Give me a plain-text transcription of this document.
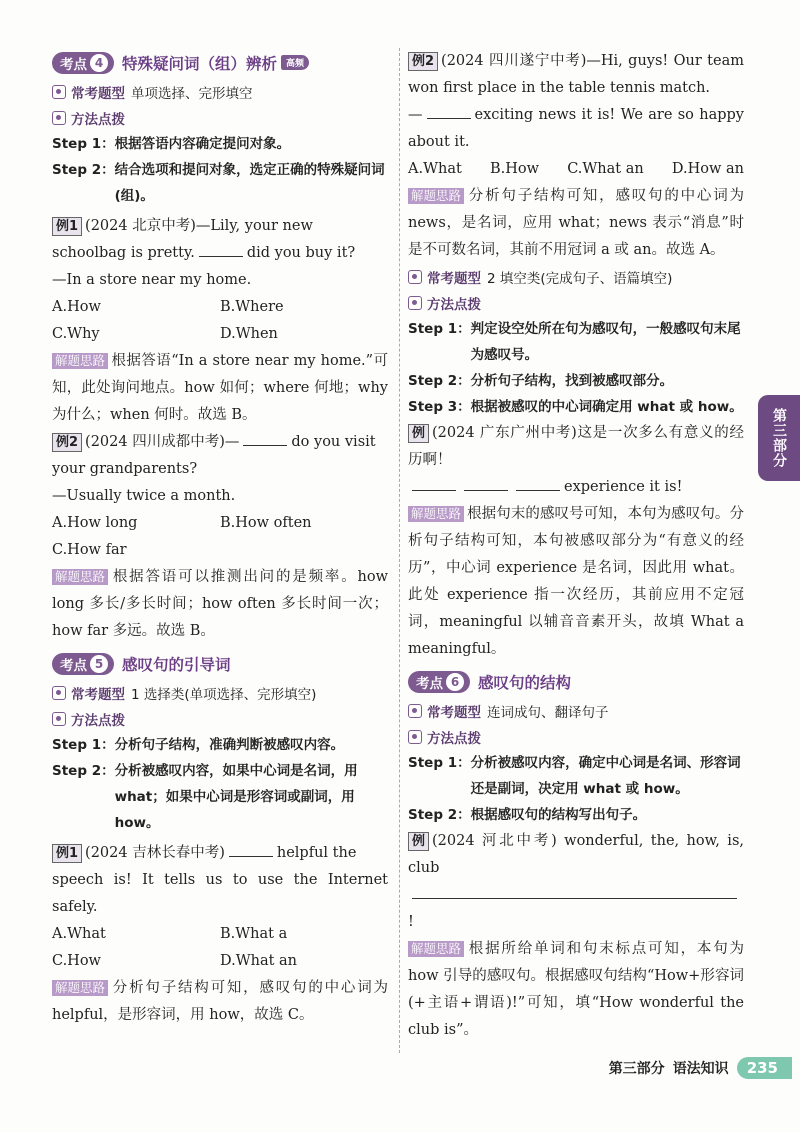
考点 4	特殊疑问词（组）辨析	高频
常考题型 单项选择、完形填空
方法点拨
Step 1： 根据答语内容确定提问对象。
Step 2： 结合选项和提问对象，选定正确的特殊疑问词(组)。
例1 (2024 北京中考)—Lily, your new
schoolbag is pretty.	did you buy it?
—In a store near my home.
A.How	B.Where
C.Why	D.When
解题思路 根据答语“In a store near my home.”可知，此处询问地点。how 如何；where 何地；why 为什么；when 何时。故选 B。
例2 (2024 四川成都中考)—	do you visit
your grandparents?
—Usually twice a month.
A.How long	B.How often
C.How far
解题思路 根据答语可以推测出问的是频率。how long 多长/多长时间；how often 多长时间一次；how far 多远。故选 B。
考点 5	感叹句的引导词
常考题型 1 选择类(单项选择、完形填空)
方法点拨
Step 1： 分析句子结构，准确判断被感叹内容。
Step 2： 分析被感叹内容，如果中心词是名词，用 what；如果中心词是形容词或副词，用 how。
例1 (2024 吉林长春中考)	helpful the
speech is! It tells us to use the Internet safely.
A.What	B.What a
C.How	D.What an
解题思路 分析句子结构可知，感叹句的中心词为 helpful，是形容词，用 how，故选 C。
例2 (2024 四川遂宁中考)—Hi, guys! Our team won first place in the table tennis match.
—	exciting news it is! We are so happy about it.
A.What B.How C.What an D.How an
解题思路 分析句子结构可知，感叹句的中心词为 news，是名词，应用 what；news 表示“消息”时是不可数名词，其前不用冠词 a 或 an。故选 A。
常考题型 2 填空类(完成句子、语篇填空)
方法点拨
Step 1： 判定设空处所在句为感叹句，一般感叹句末尾为感叹号。
Step 2： 分析句子结构，找到被感叹部分。
Step 3： 根据被感叹的中心词确定用 what 或 how。
例 (2024 广东广州中考)这是一次多么有意义的经历啊！
experience it is!
解题思路 根据句末的感叹号可知，本句为感叹句。分析句子结构可知，本句被感叹部分为“有意义的经历”，中心词 experience 是名词，因此用 what。此处 experience 指一次经历，其前应用不定冠词，meaningful 以辅音音素开头，故填 What a meaningful。
考点 6	感叹句的结构
常考题型 连词成句、翻译句子
方法点拨
Step 1： 分析被感叹内容，确定中心词是名词、形容词还是副词，决定用 what 或 how。
Step 2： 根据感叹句的结构写出句子。
例 (2024 河北中考) wonderful, the, how, is, club
!
解题思路 根据所给单词和句末标点可知，本句为 how 引导的感叹句。根据感叹句结构“How+形容词(+主语+谓语)!”可知，填“How wonderful the club is”。
第三部分
第三部分 语法知识	235
